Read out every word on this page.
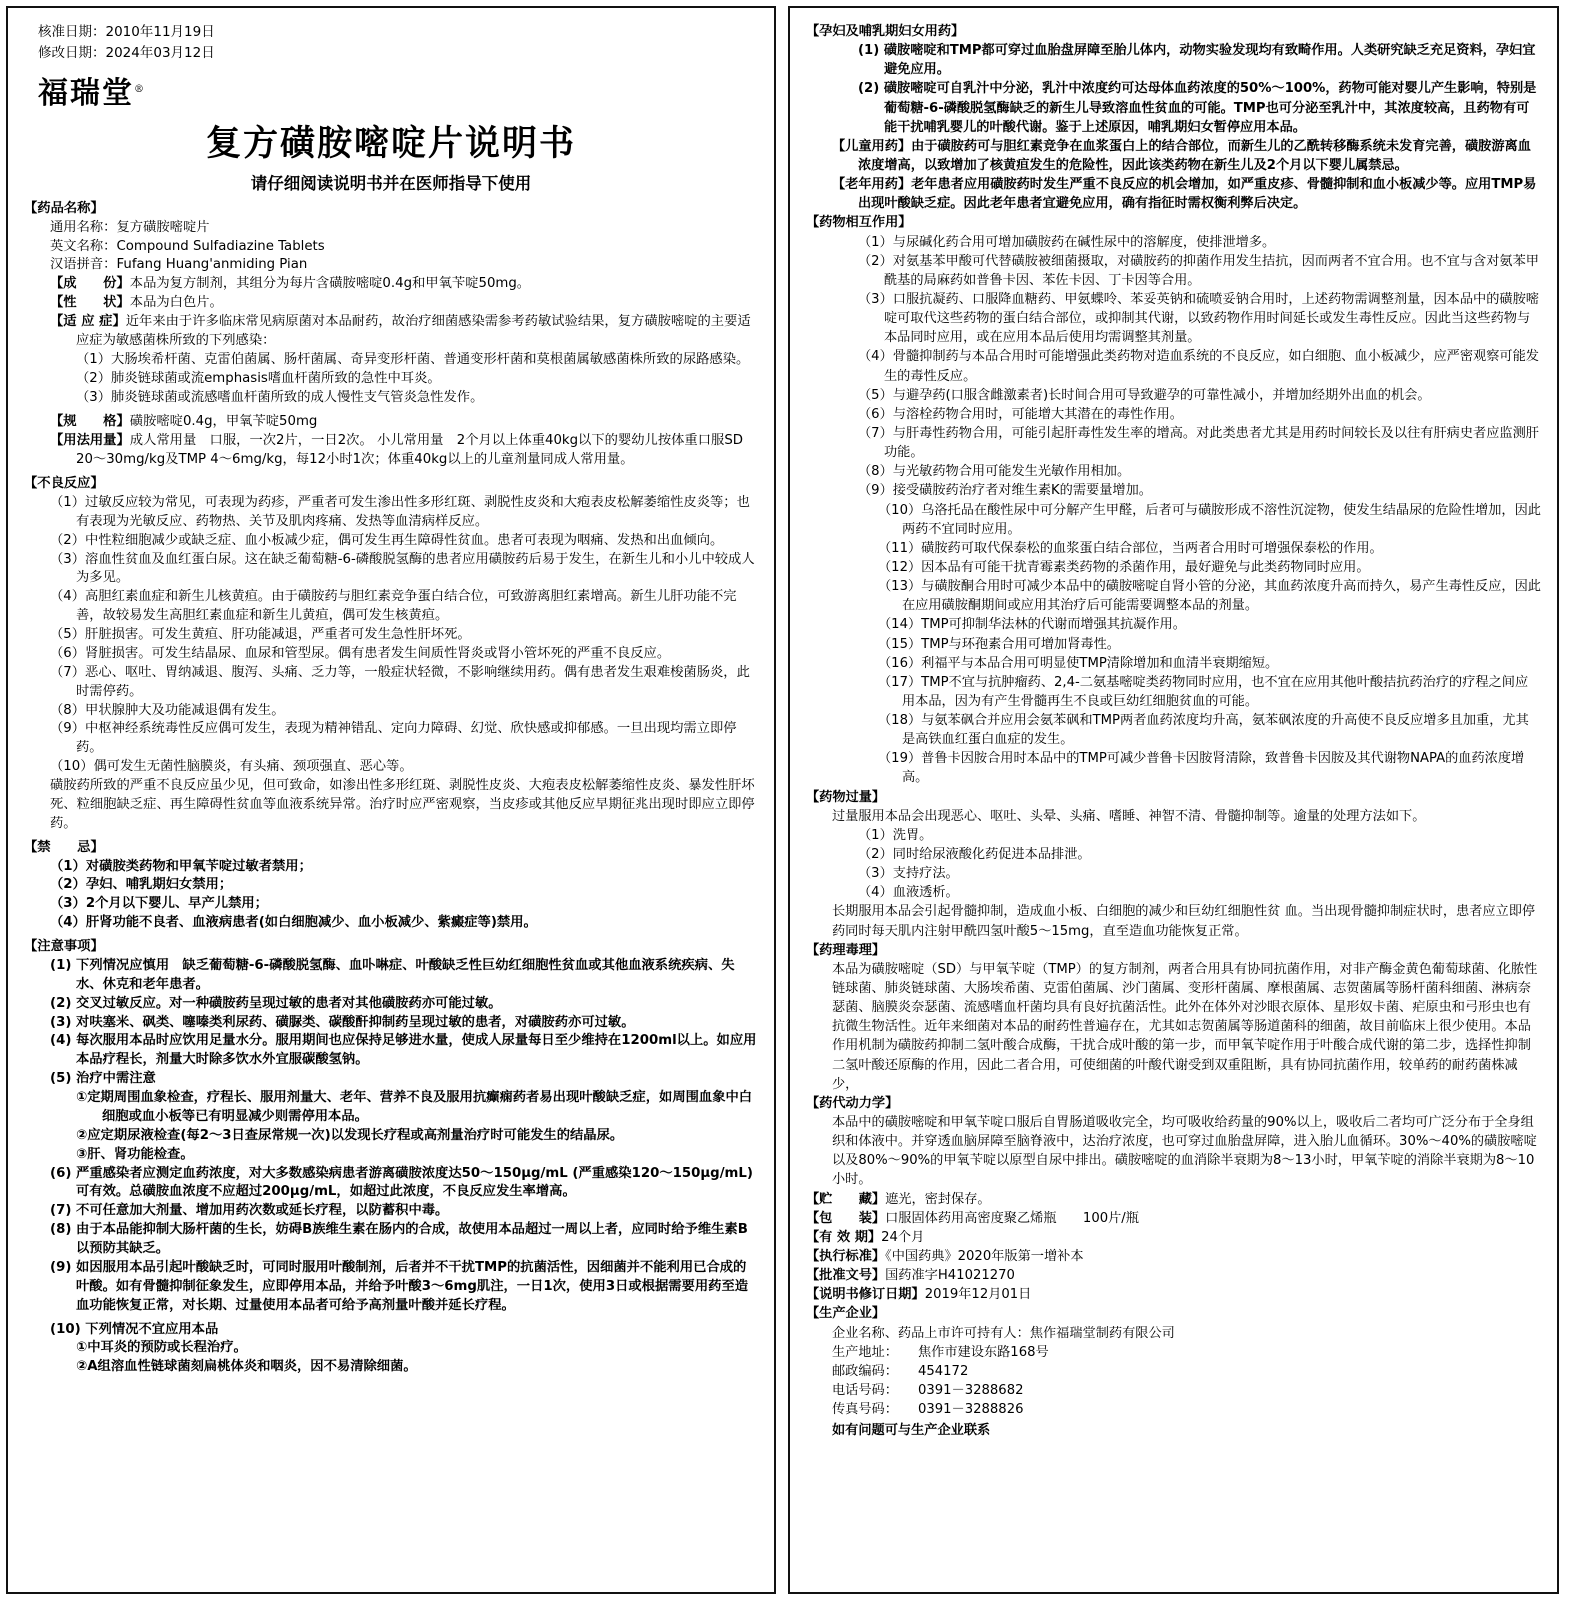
核准日期：2010年11月19日
修改日期：2024年03月12日
福瑞堂®
复方磺胺嘧啶片说明书
请仔细阅读说明书并在医师指导下使用
【药品名称】
通用名称：复方磺胺嘧啶片
英文名称：Compound Sulfadiazine Tablets
汉语拼音：Fufang Huang'anmiding Pian
【成　　份】本品为复方制剂，其组分为每片含磺胺嘧啶0.4g和甲氧苄啶50mg。
【性　　状】本品为白色片。
【适 应 症】近年来由于许多临床常见病原菌对本品耐药，故治疗细菌感染需参考药敏试验结果，复方磺胺嘧啶的主要适应症为敏感菌株所致的下列感染：
（1）大肠埃希杆菌、克雷伯菌属、肠杆菌属、奇异变形杆菌、普通变形杆菌和莫根菌属敏感菌株所致的尿路感染。
（2）肺炎链球菌或流emphasis嗜血杆菌所致的急性中耳炎。
（3）肺炎链球菌或流感嗜血杆菌所致的成人慢性支气管炎急性发作。
【规　　格】磺胺嘧啶0.4g，甲氧苄啶50mg
【用法用量】成人常用量　口服，一次2片，一日2次。 小儿常用量　2个月以上体重40kg以下的婴幼儿按体重口服SD 20～30mg/kg及TMP 4～6mg/kg，每12小时1次；体重40kg以上的儿童剂量同成人常用量。
【不良反应】
（1）过敏反应较为常见，可表现为药疹，严重者可发生渗出性多形红斑、剥脱性皮炎和大疱表皮松解萎缩性皮炎等；也有表现为光敏反应、药物热、关节及肌肉疼痛、发热等血清病样反应。
（2）中性粒细胞减少或缺乏症、血小板减少症，偶可发生再生障碍性贫血。患者可表现为咽痛、发热和出血倾向。
（3）溶血性贫血及血红蛋白尿。这在缺乏葡萄糖-6-磷酸脱氢酶的患者应用磺胺药后易于发生，在新生儿和小儿中较成人为多见。
（4）高胆红素血症和新生儿核黄疸。由于磺胺药与胆红素竞争蛋白结合位，可致游离胆红素增高。新生儿肝功能不完善，故较易发生高胆红素血症和新生儿黄疸，偶可发生核黄疸。
（5）肝脏损害。可发生黄疸、肝功能减退，严重者可发生急性肝坏死。
（6）肾脏损害。可发生结晶尿、血尿和管型尿。偶有患者发生间质性肾炎或肾小管坏死的严重不良反应。
（7）恶心、呕吐、胃纳减退、腹泻、头痛、乏力等，一般症状轻微，不影响继续用药。偶有患者发生艰难梭菌肠炎，此时需停药。
（8）甲状腺肿大及功能减退偶有发生。
（9）中枢神经系统毒性反应偶可发生，表现为精神错乱、定向力障碍、幻觉、欣快感或抑郁感。一旦出现均需立即停药。
（10）偶可发生无菌性脑膜炎，有头痛、颈项强直、恶心等。
磺胺药所致的严重不良反应虽少见，但可致命，如渗出性多形红斑、剥脱性皮炎、大疱表皮松解萎缩性皮炎、暴发性肝坏死、粒细胞缺乏症、再生障碍性贫血等血液系统异常。治疗时应严密观察，当皮疹或其他反应早期征兆出现时即应立即停药。
【禁　　忌】
（1）对磺胺类药物和甲氧苄啶过敏者禁用；
（2）孕妇、哺乳期妇女禁用；
（3）2个月以下婴儿、早产儿禁用；
（4）肝肾功能不良者、血液病患者(如白细胞减少、血小板减少、紫癜症等)禁用。
【注意事项】
(1) 下列情况应慎用　缺乏葡萄糖-6-磷酸脱氢酶、血卟啉症、叶酸缺乏性巨幼红细胞性贫血或其他血液系统疾病、失水、休克和老年患者。
(2) 交叉过敏反应。对一种磺胺药呈现过敏的患者对其他磺胺药亦可能过敏。
(3) 对呋塞米、砜类、噻嗪类利尿药、磺脲类、碳酸酐抑制药呈现过敏的患者，对磺胺药亦可过敏。
(4) 每次服用本品时应饮用足量水分。服用期间也应保持足够进水量，使成人尿量每日至少维持在1200ml以上。如应用本品疗程长，剂量大时除多饮水外宜服碳酸氢钠。
(5) 治疗中需注意
①定期周围血象检查，疗程长、服用剂量大、老年、营养不良及服用抗癫痫药者易出现叶酸缺乏症，如周围血象中白细胞或血小板等已有明显减少则需停用本品。
②应定期尿液检查(每2～3日查尿常规一次)以发现长疗程或高剂量治疗时可能发生的结晶尿。
③肝、肾功能检查。
(6) 严重感染者应测定血药浓度，对大多数感染病患者游离磺胺浓度达50～150μg/mL (严重感染120～150μg/mL) 可有效。总磺胺血浓度不应超过200μg/mL，如超过此浓度，不良反应发生率增高。
(7) 不可任意加大剂量、增加用药次数或延长疗程，以防蓄积中毒。
(8) 由于本品能抑制大肠杆菌的生长，妨碍B族维生素在肠内的合成，故使用本品超过一周以上者，应同时给予维生素B以预防其缺乏。
(9) 如因服用本品引起叶酸缺乏时，可同时服用叶酸制剂，后者并不干扰TMP的抗菌活性，因细菌并不能利用已合成的叶酸。如有骨髓抑制征象发生，应即停用本品，并给予叶酸3～6mg肌注，一日1次，使用3日或根据需要用药至造血功能恢复正常，对长期、过量使用本品者可给予高剂量叶酸并延长疗程。
(10) 下列情况不宜应用本品
①中耳炎的预防或长程治疗。
②A组溶血性链球菌刻扁桃体炎和咽炎，因不易清除细菌。
【孕妇及哺乳期妇女用药】
(1) 磺胺嘧啶和TMP都可穿过血胎盘屏障至胎儿体内，动物实验发现均有致畸作用。人类研究缺乏充足资料，孕妇宜避免应用。
(2) 磺胺嘧啶可自乳汁中分泌，乳汁中浓度约可达母体血药浓度的50%～100%，药物可能对婴儿产生影响，特别是葡萄糖-6-磷酸脱氢酶缺乏的新生儿导致溶血性贫血的可能。TMP也可分泌至乳汁中，其浓度较高，且药物有可能干扰哺乳婴儿的叶酸代谢。鉴于上述原因，哺乳期妇女暂停应用本品。
【儿童用药】由于磺胺药可与胆红素竞争在血浆蛋白上的结合部位，而新生儿的乙酰转移酶系统未发育完善，磺胺游离血浓度增高，以致增加了核黄疸发生的危险性，因此该类药物在新生儿及2个月以下婴儿属禁忌。
【老年用药】老年患者应用磺胺药时发生严重不良反应的机会增加，如严重皮疹、骨髓抑制和血小板减少等。应用TMP易出现叶酸缺乏症。因此老年患者宜避免应用，确有指征时需权衡利弊后决定。
【药物相互作用】
（1）与尿碱化药合用可增加磺胺药在碱性尿中的溶解度，使排泄增多。
（2）对氨基苯甲酸可代替磺胺被细菌摄取，对磺胺药的抑菌作用发生拮抗，因而两者不宜合用。也不宜与含对氨苯甲酰基的局麻药如普鲁卡因、苯佐卡因、丁卡因等合用。
（3）口服抗凝药、口服降血糖药、甲氨蝶呤、苯妥英钠和硫喷妥钠合用时，上述药物需调整剂量，因本品中的磺胺嘧啶可取代这些药物的蛋白结合部位，或抑制其代谢，以致药物作用时间延长或发生毒性反应。因此当这些药物与本品同时应用，或在应用本品后使用均需调整其剂量。
（4）骨髓抑制药与本品合用时可能增强此类药物对造血系统的不良反应，如白细胞、血小板减少，应严密观察可能发生的毒性反应。
（5）与避孕药(口服含雌激素者)长时间合用可导致避孕的可靠性减小，并增加经期外出血的机会。
（6）与溶栓药物合用时，可能增大其潜在的毒性作用。
（7）与肝毒性药物合用，可能引起肝毒性发生率的增高。对此类患者尤其是用药时间较长及以往有肝病史者应监测肝功能。
（8）与光敏药物合用可能发生光敏作用相加。
（9）接受磺胺药治疗者对维生素K的需要量增加。
（10）乌洛托品在酸性尿中可分解产生甲醛，后者可与磺胺形成不溶性沉淀物，使发生结晶尿的危险性增加，因此两药不宜同时应用。
（11）磺胺药可取代保泰松的血浆蛋白结合部位，当两者合用时可增强保泰松的作用。
（12）因本品有可能干扰青霉素类药物的杀菌作用，最好避免与此类药物同时应用。
（13）与磺胺酮合用时可减少本品中的磺胺嘧啶自肾小管的分泌，其血药浓度升高而持久，易产生毒性反应，因此在应用磺胺酮期间或应用其治疗后可能需要调整本品的剂量。
（14）TMP可抑制华法林的代谢而增强其抗凝作用。
（15）TMP与环孢素合用可增加肾毒性。
（16）利福平与本品合用可明显使TMP清除增加和血清半衰期缩短。
（17）TMP不宜与抗肿瘤药、2,4-二氨基嘧啶类药物同时应用，也不宜在应用其他叶酸拮抗药治疗的疗程之间应用本品，因为有产生骨髓再生不良或巨幼红细胞贫血的可能。
（18）与氨苯砜合并应用会氨苯砜和TMP两者血药浓度均升高，氨苯砜浓度的升高使不良反应增多且加重，尤其是高铁血红蛋白血症的发生。
（19）普鲁卡因胺合用时本品中的TMP可减少普鲁卡因胺肾清除，致普鲁卡因胺及其代谢物NAPA的血药浓度增高。
【药物过量】
过量服用本品会出现恶心、呕吐、头晕、头痛、嗜睡、神智不清、骨髓抑制等。逾量的处理方法如下。
（1）洗胃。
（2）同时给尿液酸化药促进本品排泄。
（3）支持疗法。
（4）血液透析。
长期服用本品会引起骨髓抑制，造成血小板、白细胞的减少和巨幼红细胞性贫 血。当出现骨髓抑制症状时，患者应立即停药同时每天肌内注射甲酰四氢叶酸5～15mg，直至造血功能恢复正常。
【药理毒理】
本品为磺胺嘧啶（SD）与甲氧苄啶（TMP）的复方制剂，两者合用具有协同抗菌作用，对非产酶金黄色葡萄球菌、化脓性链球菌、肺炎链球菌、大肠埃希菌、克雷伯菌属、沙门菌属、变形杆菌属、摩根菌属、志贺菌属等肠杆菌科细菌、淋病奈瑟菌、脑膜炎奈瑟菌、流感嗜血杆菌均具有良好抗菌活性。此外在体外对沙眼衣原体、星形奴卡菌、疟原虫和弓形虫也有抗微生物活性。近年来细菌对本品的耐药性普遍存在，尤其如志贺菌属等肠道菌科的细菌，故目前临床上很少使用。本品作用机制为磺胺药抑制二氢叶酸合成酶，干扰合成叶酸的第一步，而甲氧苄啶作用于叶酸合成代谢的第二步，选择性抑制二氢叶酸还原酶的作用，因此二者合用，可使细菌的叶酸代谢受到双重阻断，具有协同抗菌作用，较单药的耐药菌株减少，
【药代动力学】
本品中的磺胺嘧啶和甲氧苄啶口服后自胃肠道吸收完全，均可吸收给药量的90%以上，吸收后二者均可广泛分布于全身组织和体液中。并穿透血脑屏障至脑脊液中，达治疗浓度，也可穿过血胎盘屏障，进入胎儿血循环。30%～40%的磺胺嘧啶以及80%～90%的甲氧苄啶以原型自尿中排出。磺胺嘧啶的血消除半衰期为8～13小时，甲氧苄啶的消除半衰期为8～10小时。
【贮　　藏】遮光，密封保存。
【包　　装】口服固体药用高密度聚乙烯瓶　　100片/瓶
【有 效 期】24个月
【执行标准】《中国药典》2020年版第一增补本
【批准文号】国药准字H41021270
【说明书修订日期】2019年12月01日
【生产企业】
企业名称、药品上市许可持有人：焦作福瑞堂制药有限公司
生产地址：	焦作市建设东路168号
邮政编码：	454172
电话号码：	0391－3288682
传真号码：	0391－3288826
如有问题可与生产企业联系
